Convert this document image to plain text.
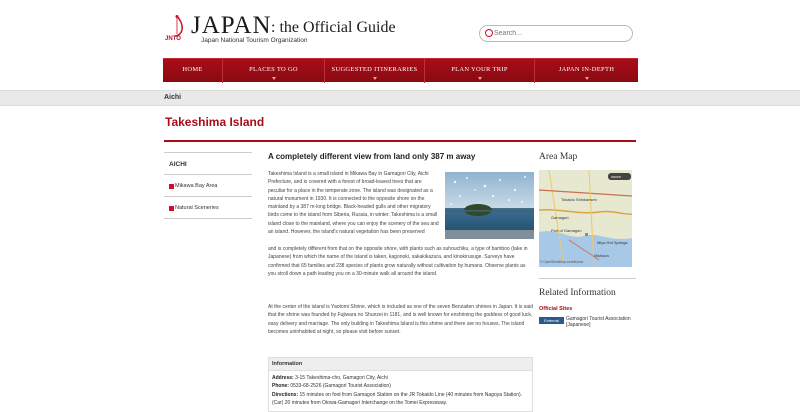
JNTO JAPAN : the Official Guide
Japan National Tourism Organization
Search...
HOME	PLACES TO GO	SUGGESTED ITINERARIES	PLAN YOUR TRIP	JAPAN IN-DEPTH
Aichi
Takeshima Island
AICHI
Mikawa Bay Area
Natural Sceneries
A completely different view from land only 387 m away
Takeshima Island is a small island in Mikawa Bay in Gamagori City, Aichi Prefecture, and is covered with a forest of broad-leaved trees that are peculiar for a place in the temperate zone. The island was designated as a natural monument in 1930. It is connected to the opposite shore on the mainland by a 387 m-long bridge. Black-headed gulls and other migratory birds come to the island from Siberia, Russia, in winter. Takeshima is a small island close to the mainland, where you can enjoy the scenery of the sea and an island. However, the island's natural vegetation has been preserved
and is completely different from that on the opposite shore, with plants such as suhouchiku, a type of bamboo (take in Japanese) from which the name of the island is taken, kagonoki, sakakikazura, and kinokirusuge. Surveys have confirmed that 65 families and 238 species of plants grow naturally without cultivation by humans. Observe plants as you stroll down a path leading you on a 30-minute walk all around the island.
At the center of the island is Yaotomi Shrine, which is included as one of the seven Benzaiten shrines in Japan. It is said that the shrine was founded by Fujiwara no Shunzei in 1181, and is well known for enshrining the goddess of good luck, easy delivery and marriage. The only building in Takeshima Island is this shrine and there are no houses. The island becomes uninhabited at night, so please visit before sunset.
Information
Address: 3-15 Takeshima-cho, Gamagori City, Aichi
Phone: 0533-68-2526 (Gamagori Tourist Association)
Directions: 15 minutes on foot from Gamagori Station on the JR Tokaido Line (40 minutes from Nagoya Station). (Car) 20 minutes from Otowa-Gamagori Interchange on the Tomei Expressway.
Area Map
zoom
Tokaido Shinkansen
Gamagori
Port of Gamagori
Miya Hot Springs
Nishiura
© OpenStreetMap contributors
Related Information
Official Sites
External	Gamagori Tourist Association [Japanese]
